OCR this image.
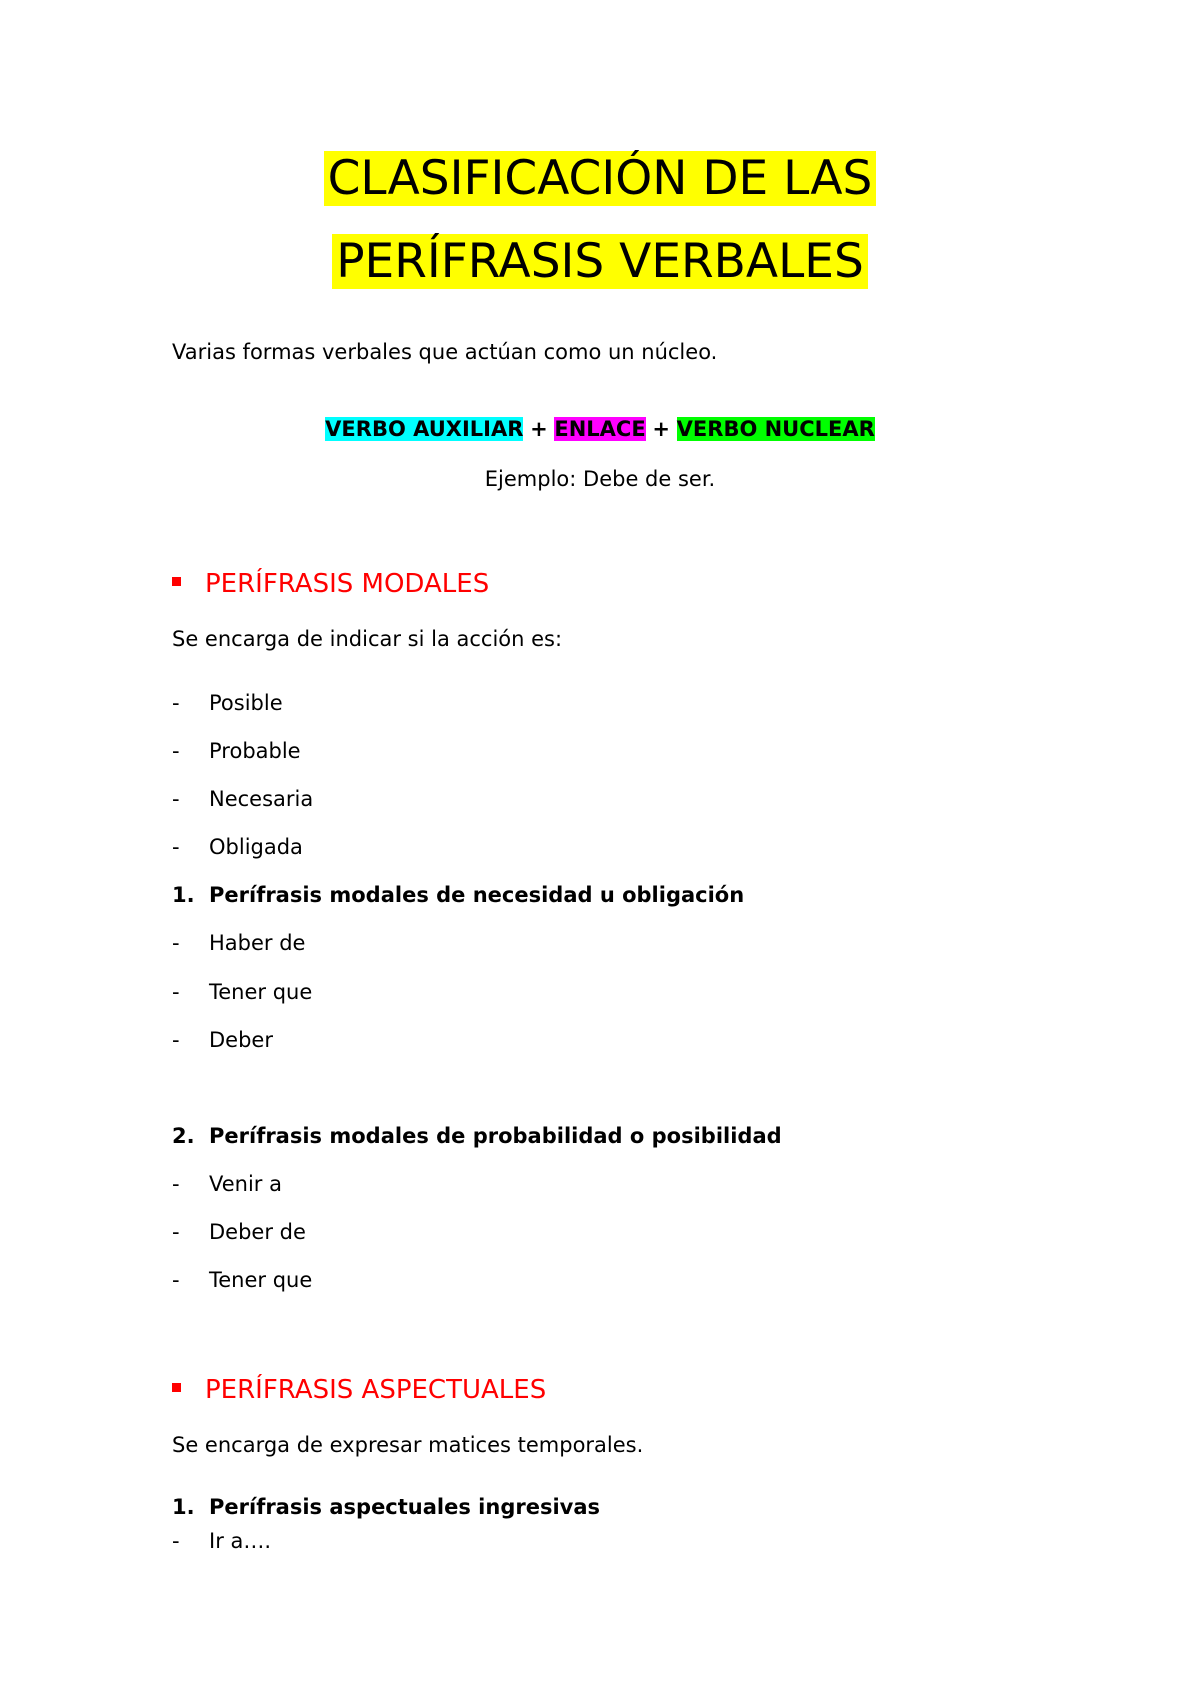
CLASIFICACIÓN DE LAS
PERÍFRASIS VERBALES
Varias formas verbales que actúan como un núcleo.
VERBO AUXILIAR + ENLACE + VERBO NUCLEAR
Ejemplo: Debe de ser.
PERÍFRASIS MODALES
Se encarga de indicar si la acción es:
- Posible
- Probable
- Necesaria
- Obligada
1. Perífrasis modales de necesidad u obligación
- Haber de
- Tener que
- Deber
2. Perífrasis modales de probabilidad o posibilidad
- Venir a
- Deber de
- Tener que
PERÍFRASIS ASPECTUALES
Se encarga de expresar matices temporales.
1. Perífrasis aspectuales ingresivas
- Ir a….
